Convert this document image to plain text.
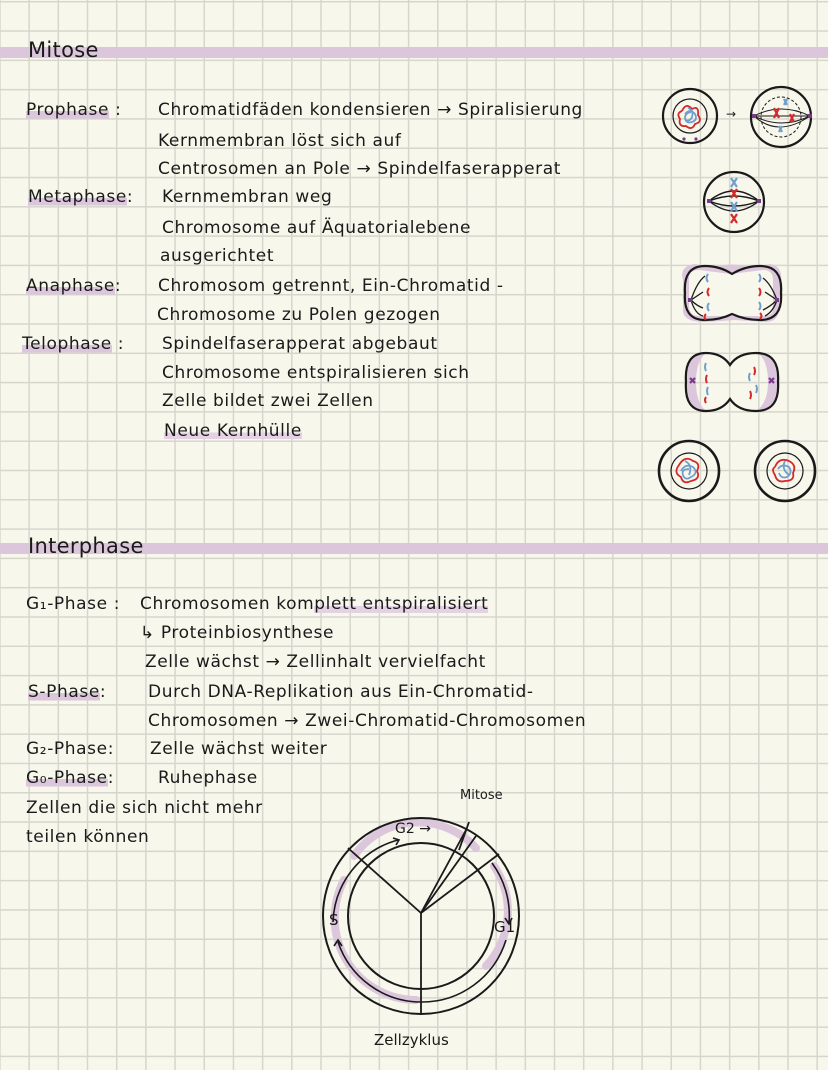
Mitose
Prophase : Chromatidfäden kondensieren → Spiralisierung
Kernmembran löst sich auf
Centrosomen an Pole → Spindelfaserapperat
Metaphase: Kernmembran weg
Chromosome auf Äquatorialebene
ausgerichtet
Anaphase: Chromosom getrennt, Ein-Chromatid -
Chromosome zu Polen gezogen
Telophase : Spindelfaserapperat abgebaut
Chromosome entspiralisieren sich
Zelle bildet zwei Zellen
Neue Kernhülle
→
Interphase
G₁-Phase : Chromosomen komplett entspiralisiert
↳ Proteinbiosynthese
Zelle wächst → Zellinhalt vervielfacht
S-Phase: Durch DNA-Replikation aus Ein-Chromatid-
Chromosomen → Zwei-Chromatid-Chromosomen
G₂-Phase: Zelle wächst weiter
G₀-Phase:	Ruhephase
Zellen die sich nicht mehr
teilen können
Mitose
G2 →
S	G1
Zellzyklus
